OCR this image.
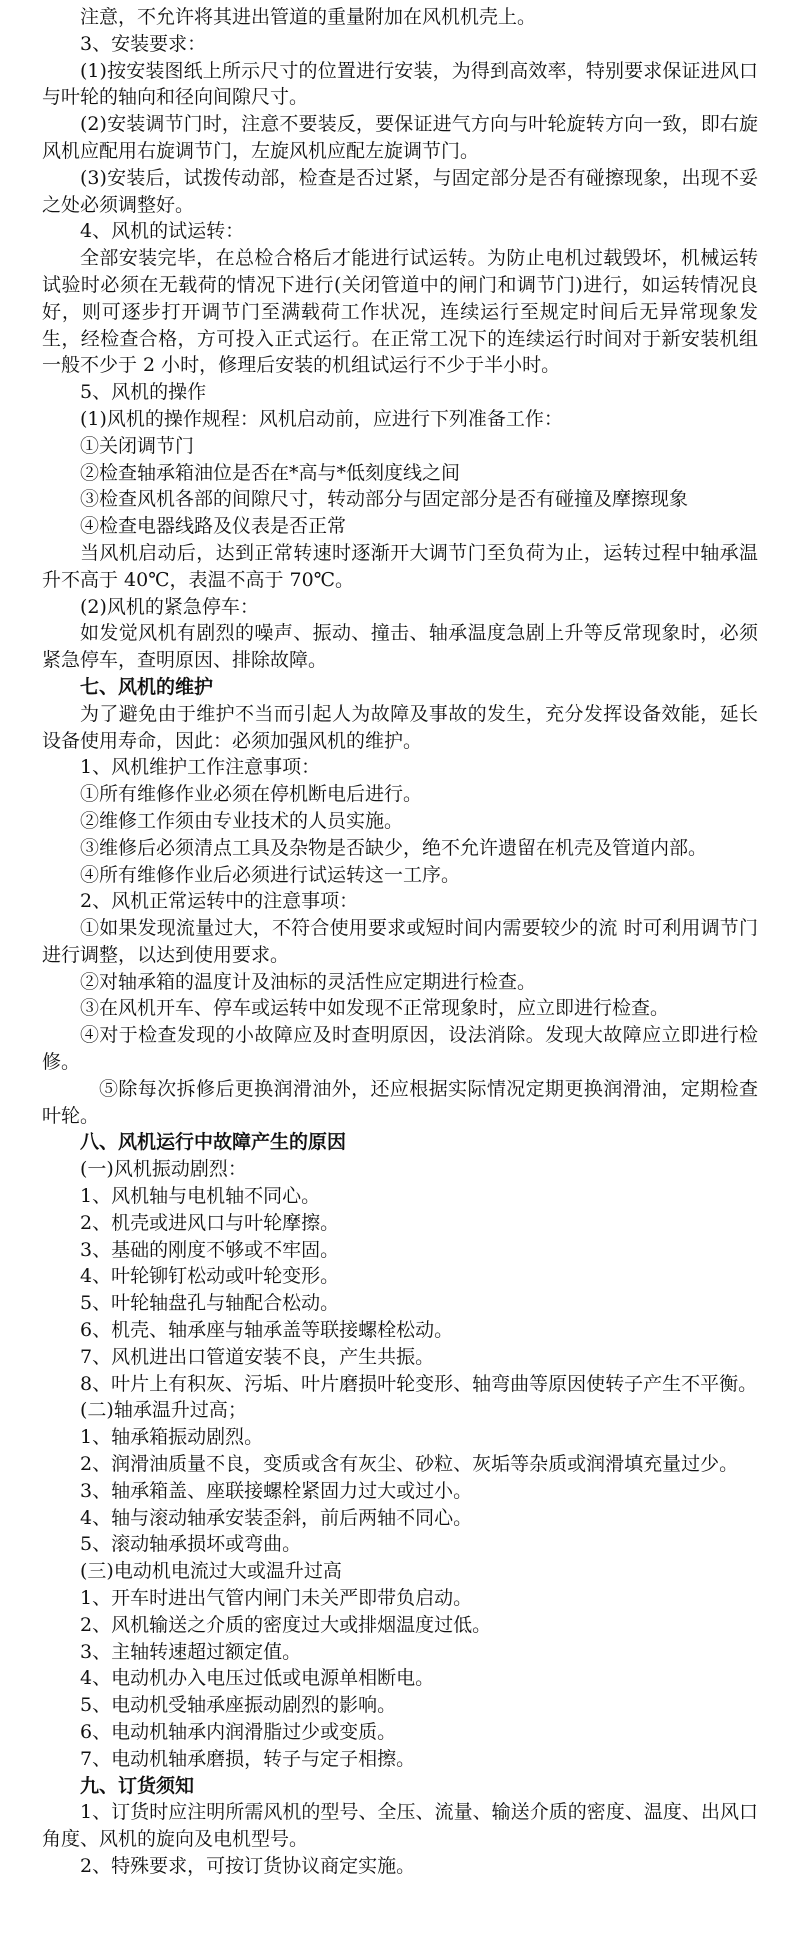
注意，不允许将其进出管道的重量附加在风机机壳上。

3、安装要求：

(1)按安装图纸上所示尺寸的位置进行安装，为得到高效率，特别要求保证进风口与叶轮的轴向和径向间隙尺寸。

(2)安装调节门时，注意不要装反，要保证进气方向与叶轮旋转方向一致，即右旋风机应配用右旋调节门，左旋风机应配左旋调节门。

(3)安装后，试拨传动部，检查是否过紧，与固定部分是否有碰擦现象，出现不妥之处必须调整好。

4、风机的试运转：

全部安装完毕，在总检合格后才能进行试运转。为防止电机过载毁坏，机械运转试验时必须在无载荷的情况下进行(关闭管道中的闸门和调节门)进行，如运转情况良好，则可逐步打开调节门至满载荷工作状况，连续运行至规定时间后无异常现象发生，经检查合格，方可投入正式运行。在正常工况下的连续运行时间对于新安装机组一般不少于 2 小时，修理后安装的机组试运行不少于半小时。

5、风机的操作

(1)风机的操作规程：风机启动前，应进行下列准备工作：

①关闭调节门

②检查轴承箱油位是否在*高与*低刻度线之间

③检查风机各部的间隙尺寸，转动部分与固定部分是否有碰撞及摩擦现象

④检查电器线路及仪表是否正常

当风机启动后，达到正常转速时逐渐开大调节门至负荷为止，运转过程中轴承温升不高于 40℃，表温不高于 70℃。

(2)风机的紧急停车：

如发觉风机有剧烈的噪声、振动、撞击、轴承温度急剧上升等反常现象时，必须紧急停车，查明原因、排除故障。

七、风机的维护

为了避免由于维护不当而引起人为故障及事故的发生，充分发挥设备效能，延长设备使用寿命，因此：必须加强风机的维护。

1、风机维护工作注意事项：

①所有维修作业必须在停机断电后进行。

②维修工作须由专业技术的人员实施。

③维修后必须清点工具及杂物是否缺少，绝不允许遗留在机壳及管道内部。

④所有维修作业后必须进行试运转这一工序。

2、风机正常运转中的注意事项：

①如果发现流量过大，不符合使用要求或短时间内需要较少的流 时可利用调节门进行调整，以达到使用要求。

②对轴承箱的温度计及油标的灵活性应定期进行检查。

③在风机开车、停车或运转中如发现不正常现象时，应立即进行检查。

④对于检查发现的小故障应及时查明原因，设法消除。发现大故障应立即进行检修。

⑤除每次拆修后更换润滑油外，还应根据实际情况定期更换润滑油，定期检查叶轮。

八、风机运行中故障产生的原因

(一)风机振动剧烈：

1、风机轴与电机轴不同心。

2、机壳或进风口与叶轮摩擦。

3、基础的刚度不够或不牢固。

4、叶轮铆钉松动或叶轮变形。

5、叶轮轴盘孔与轴配合松动。

6、机壳、轴承座与轴承盖等联接螺栓松动。

7、风机进出口管道安装不良，产生共振。

8、叶片上有积灰、污垢、叶片磨损叶轮变形、轴弯曲等原因使转子产生不平衡。

(二)轴承温升过高；

1、轴承箱振动剧烈。

2、润滑油质量不良，变质或含有灰尘、砂粒、灰垢等杂质或润滑填充量过少。

3、轴承箱盖、座联接螺栓紧固力过大或过小。

4、轴与滚动轴承安装歪斜，前后两轴不同心。

5、滚动轴承损坏或弯曲。

(三)电动机电流过大或温升过高

1、开车时进出气管内闸门未关严即带负启动。

2、风机输送之介质的密度过大或排烟温度过低。

3、主轴转速超过额定值。

4、电动机办入电压过低或电源单相断电。

5、电动机受轴承座振动剧烈的影响。

6、电动机轴承内润滑脂过少或变质。

7、电动机轴承磨损，转子与定子相擦。

九、订货须知

1、订货时应注明所需风机的型号、全压、流量、输送介质的密度、温度、出风口角度、风机的旋向及电机型号。

2、特殊要求，可按订货协议商定实施。
